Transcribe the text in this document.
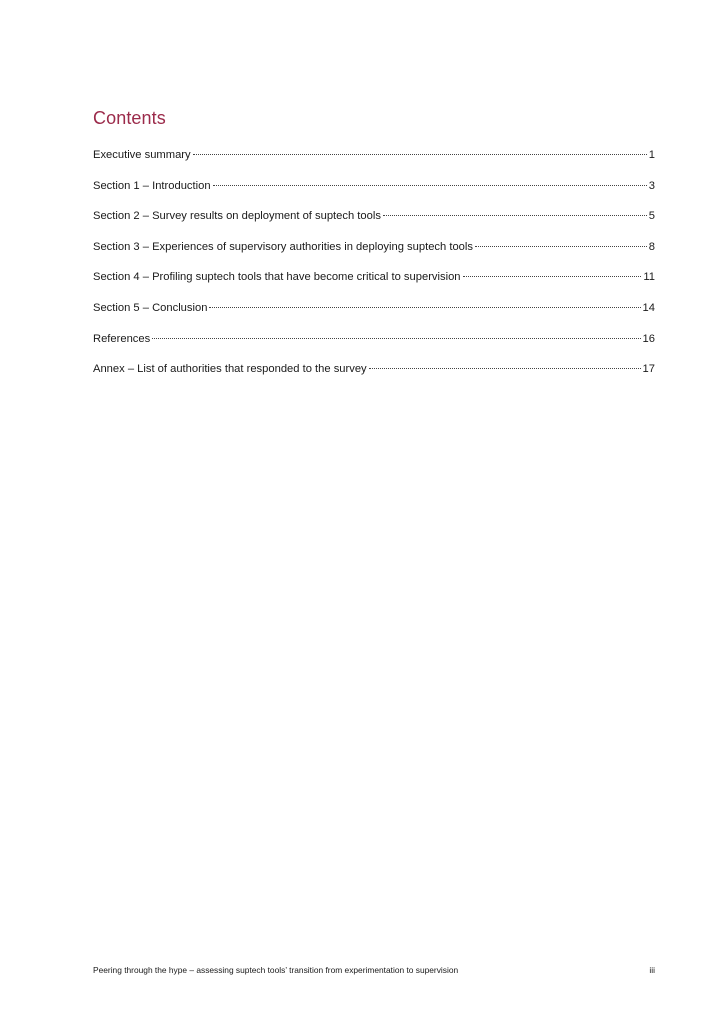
Contents
Executive summary	1
Section 1 – Introduction	3
Section 2 – Survey results on deployment of suptech tools	5
Section 3 – Experiences of supervisory authorities in deploying suptech tools	8
Section 4 – Profiling suptech tools that have become critical to supervision	11
Section 5 – Conclusion	14
References	16
Annex – List of authorities that responded to the survey	17
Peering through the hype – assessing suptech tools’ transition from experimentation to supervision	iii
